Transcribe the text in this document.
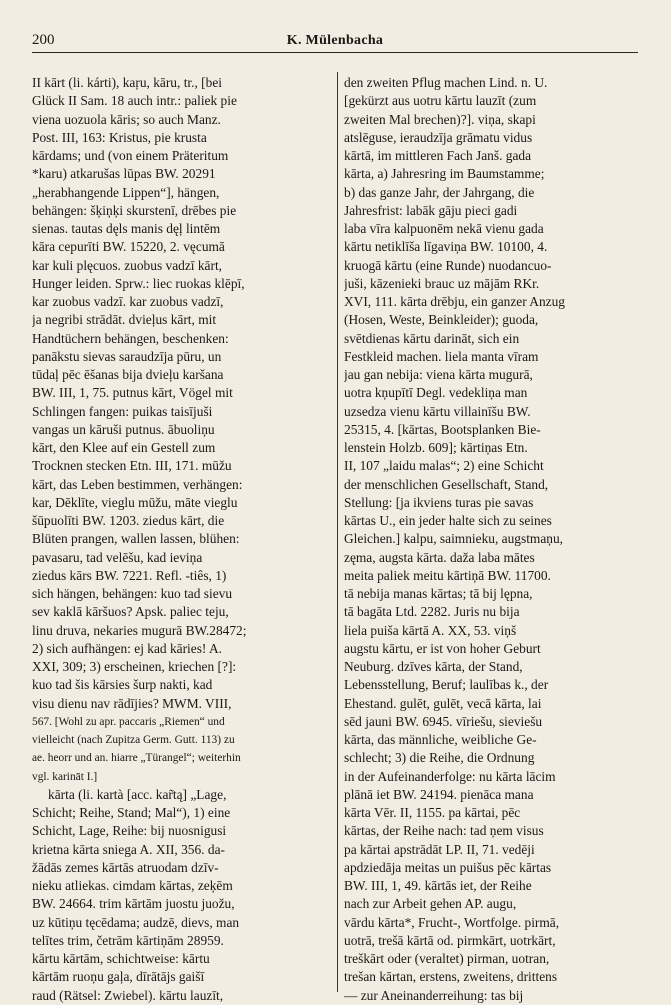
200	K. Mülenbacha
II kārt (li. kárti), kaŗu, kāru, tr., [bei
Glück II Sam. 18 auch intr.: paliek pie
viena uozuola kāris; so auch Manz.
Post. III, 163: Kristus, pie krusta
kārdams; und (von einem Präteritum
*karu) atkarušas lūpas BW. 20291
„herabhangende Lippen“], hängen,
behängen: šķiņķi skurstenī, drēbes pie
sienas. tautas dęls manis dęļ lintēm
kāra cepurīti BW. 15220, 2. vęcumā
kar kuli plęcuos. zuobus vadzī kārt,
Hunger leiden. Sprw.: liec ruokas klēpī,
kar zuobus vadzī. kar zuobus vadzī,
ja negribi strādāt. dvieļus kārt, mit
Handtüchern behängen, beschenken:
panākstu sievas saraudzīja pūru, un
tūdaļ pēc ēšanas bija dvieļu karšana
BW. III, 1, 75. putnus kārt, Vögel mit
Schlingen fangen: puikas taisījuši
vangas un kāruši putnus. ābuoliņu
kārt, den Klee auf ein Gestell zum
Trocknen stecken Etn. III, 171. mūžu
kārt, das Leben bestimmen, verhängen:
kar, Dēklīte, vieglu mūžu, māte vieglu
šūpuolīti BW. 1203. ziedus kārt, die
Blüten prangen, wallen lassen, blühen:
pavasaru, tad velēšu, kad ieviņa
ziedus kārs BW. 7221. Refl. -tiês, 1)
sich hängen, behängen: kuo tad sievu
sev kaklā kāršuos? Apsk. paliec teju,
linu druva, nekaries mugurā BW.28472;
2) sich aufhängen: ej kad kāries! A.
XXI, 309; 3) erscheinen, kriechen [?]:
kuo tad šis kārsies šurp nakti, kad
visu dienu nav rādījies? MWM. VIII,
567. [Wohl zu apr. paccaris „Riemen“ und
vielleicht (nach Zupitza Germ. Gutt. 113) zu
ae. heorr und an. hiarre „Türangel“; weiterhin
vgl. karināt I.]
kārta (li. kartà [acc. kar̃tą] „Lage,
Schicht; Reihe, Stand; Mal“), 1) eine
Schicht, Lage, Reihe: bij nuosnigusi
krietna kārta sniega A. XII, 356. da-
žādās zemes kārtās atruodam dzīv-
nieku atliekas. cimdam kārtas, zeķēm
BW. 24664. trim kārtām juostu juožu,
uz kūtiņu tęcēdama; audzē, dievs, man
telītes trim, četrām kārtiņām 28959.
kārtu kārtām, schichtweise: kārtu
kārtām ruoņu gaļa, dīrātājs gaišī
raud (Rätsel: Zwiebel). kārtu lauzīt,
den zweiten Pflug machen Lind. n. U.
[gekürzt aus uotru kārtu lauzīt (zum
zweiten Mal brechen)?]. viņa, skapi
atslēguse, ieraudzīja grāmatu vidus
kārtā, im mittleren Fach Janš. gada
kārta, a) Jahresring im Baumstamme;
b) das ganze Jahr, der Jahrgang, die
Jahresfrist: labāk gāju pieci gadi
laba vīra kalpuonēm nekā vienu gada
kārtu netiklīša līgaviņa BW. 10100, 4.
kruogā kārtu (eine Runde) nuodancuo-
juši, kāzenieki brauc uz mājām RKr.
XVI, 111. kārta drēbju, ein ganzer Anzug
(Hosen, Weste, Beinkleider); guoda,
svētdienas kārtu darināt, sich ein
Festkleid machen. liela manta vīram
jau gan nebija: viena kārta mugurā,
uotra kņupītī Degl. vedekliņa man
uzsedza vienu kārtu villainīšu BW.
25315, 4. [kārtas, Bootsplanken Bie-
lenstein Holzb. 609]; kārtiņas Etn.
II, 107 „laidu malas“; 2) eine Schicht
der menschlichen Gesellschaft, Stand,
Stellung: [ja ikviens turas pie savas
kārtas U., ein jeder halte sich zu seines
Gleichen.] kalpu, saimnieku, augstmaņu,
zęma, augsta kārta. daža laba mātes
meita paliek meitu kārtiņā BW. 11700.
tā nebija manas kārtas; tā bij lępna,
tā bagāta Ltd. 2282. Juris nu bija
liela puiša kārtā A. XX, 53. viņš
augstu kārtu, er ist von hoher Geburt
Neuburg. dzīves kārta, der Stand,
Lebensstellung, Beruf; laulības k., der
Ehestand. gulēt, gulēt, vecā kārta, lai
sēd jauni BW. 6945. vīriešu, sieviešu
kārta, das männliche, weibliche Ge-
schlecht; 3) die Reihe, die Ordnung
in der Aufeinanderfolge: nu kārta lācim
plānā iet BW. 24194. pienāca mana
kārta Vēr. II, 1155. pa kārtai, pēc
kārtas, der Reihe nach: tad ņem visus
pa kārtai apstrādāt LP. II, 71. vedēji
apdziedāja meitas un puišus pēc kārtas
BW. III, 1, 49. kārtās iet, der Reihe
nach zur Arbeit gehen AP. augu,
vārdu kārta*, Frucht-, Wortfolge. pirmā,
uotrā, trešā kārtā od. pirmkārt, uotrkārt,
treškārt oder (veraltet) pirman, uotran,
trešan kārtan, erstens, zweitens, drittens
— zur Aneinanderreihung: tas bij
